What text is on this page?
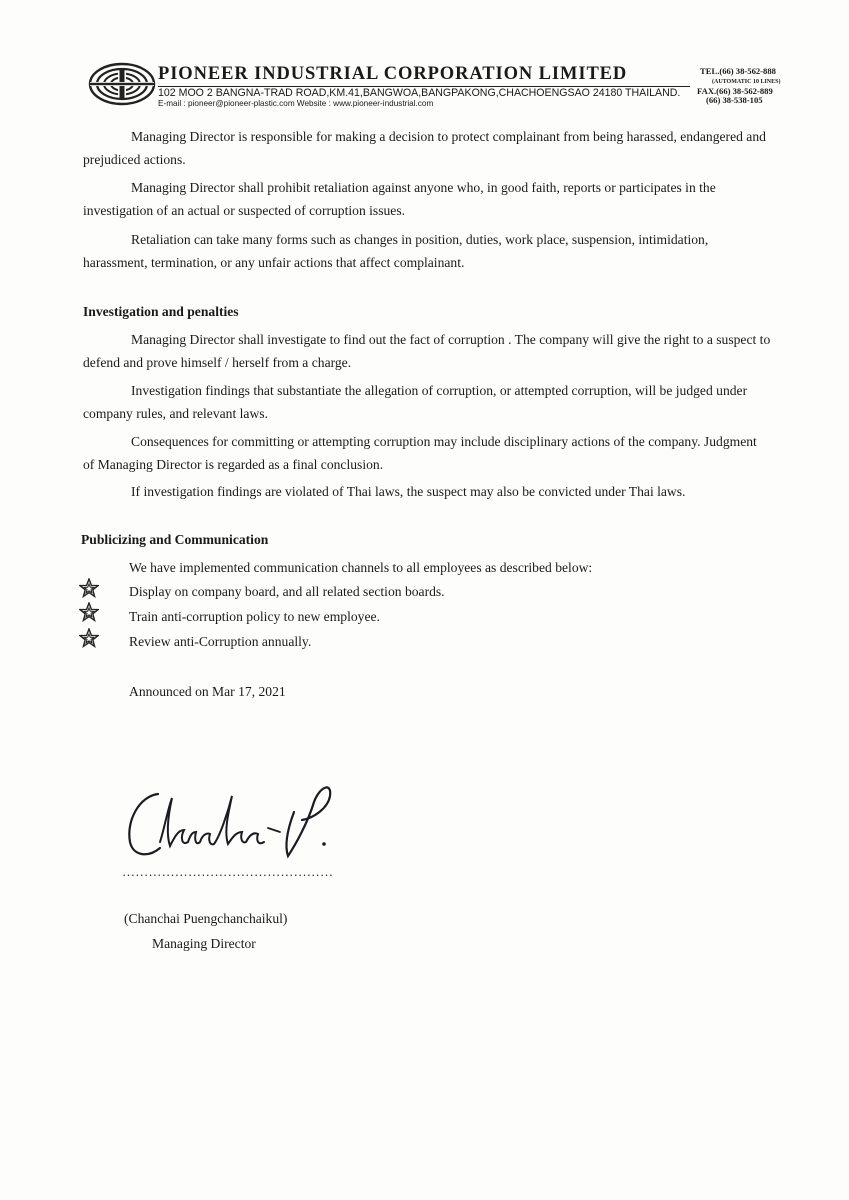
PIONEER INDUSTRIAL CORPORATION LIMITED
102 MOO 2 BANGNA-TRAD ROAD,KM.41,BANGWOA,BANGPAKONG,CHACHOENGSAO 24180 THAILAND.
E-mail : pioneer@pioneer-plastic.com Website : www.pioneer-industrial.com
TEL.(66) 38-562-888
(AUTOMATIC 10 LINES)
FAX.(66) 38-562-889
(66) 38-538-105
Managing Director is responsible for making a decision to protect complainant from being harassed, endangered and
prejudiced actions.
Managing Director shall prohibit retaliation against anyone who, in good faith, reports or participates in the
investigation of an actual or suspected of corruption issues.
Retaliation can take many forms such as changes in position, duties, work place, suspension, intimidation,
harassment, termination, or any unfair actions that affect complainant.
Investigation and penalties
Managing Director shall investigate to find out the fact of corruption . The company will give the right to a suspect to
defend and prove himself / herself from a charge.
Investigation findings that substantiate the allegation of corruption, or attempted corruption, will be judged under
company rules, and relevant laws.
Consequences for committing or attempting corruption may include disciplinary actions of the company. Judgment
of Managing Director is regarded as a final conclusion.
If investigation findings are violated of Thai laws, the suspect may also be convicted under Thai laws.
Publicizing and Communication
We have implemented communication channels to all employees as described below:
Display on company board, and all related section boards.
Train anti-corruption policy to new employee.
Review anti-Corruption annually.
Announced on Mar 17, 2021
…………………………………………
(Chanchai Puengchanchaikul)
Managing Director
